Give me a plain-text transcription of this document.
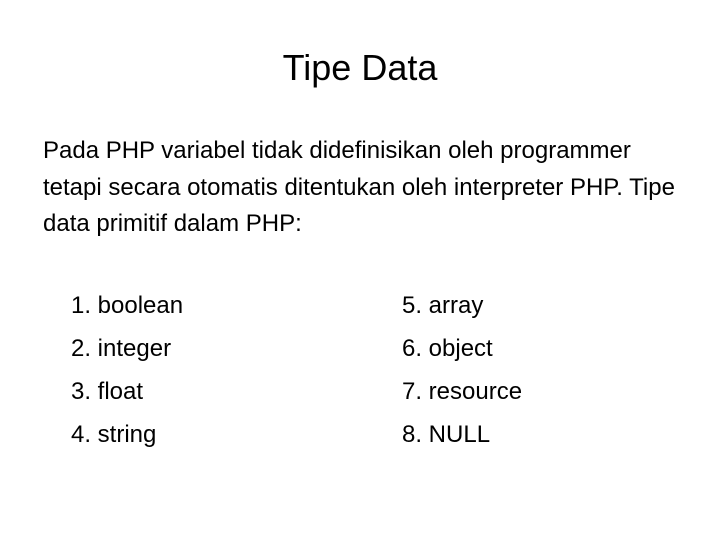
Tipe Data

Pada PHP variabel tidak didefinisikan oleh programmer tetapi secara otomatis ditentukan oleh interpreter PHP. Tipe data primitif dalam PHP:

1. boolean
2. integer
3. float
4. string
5. array
6. object
7. resource
8. NULL
